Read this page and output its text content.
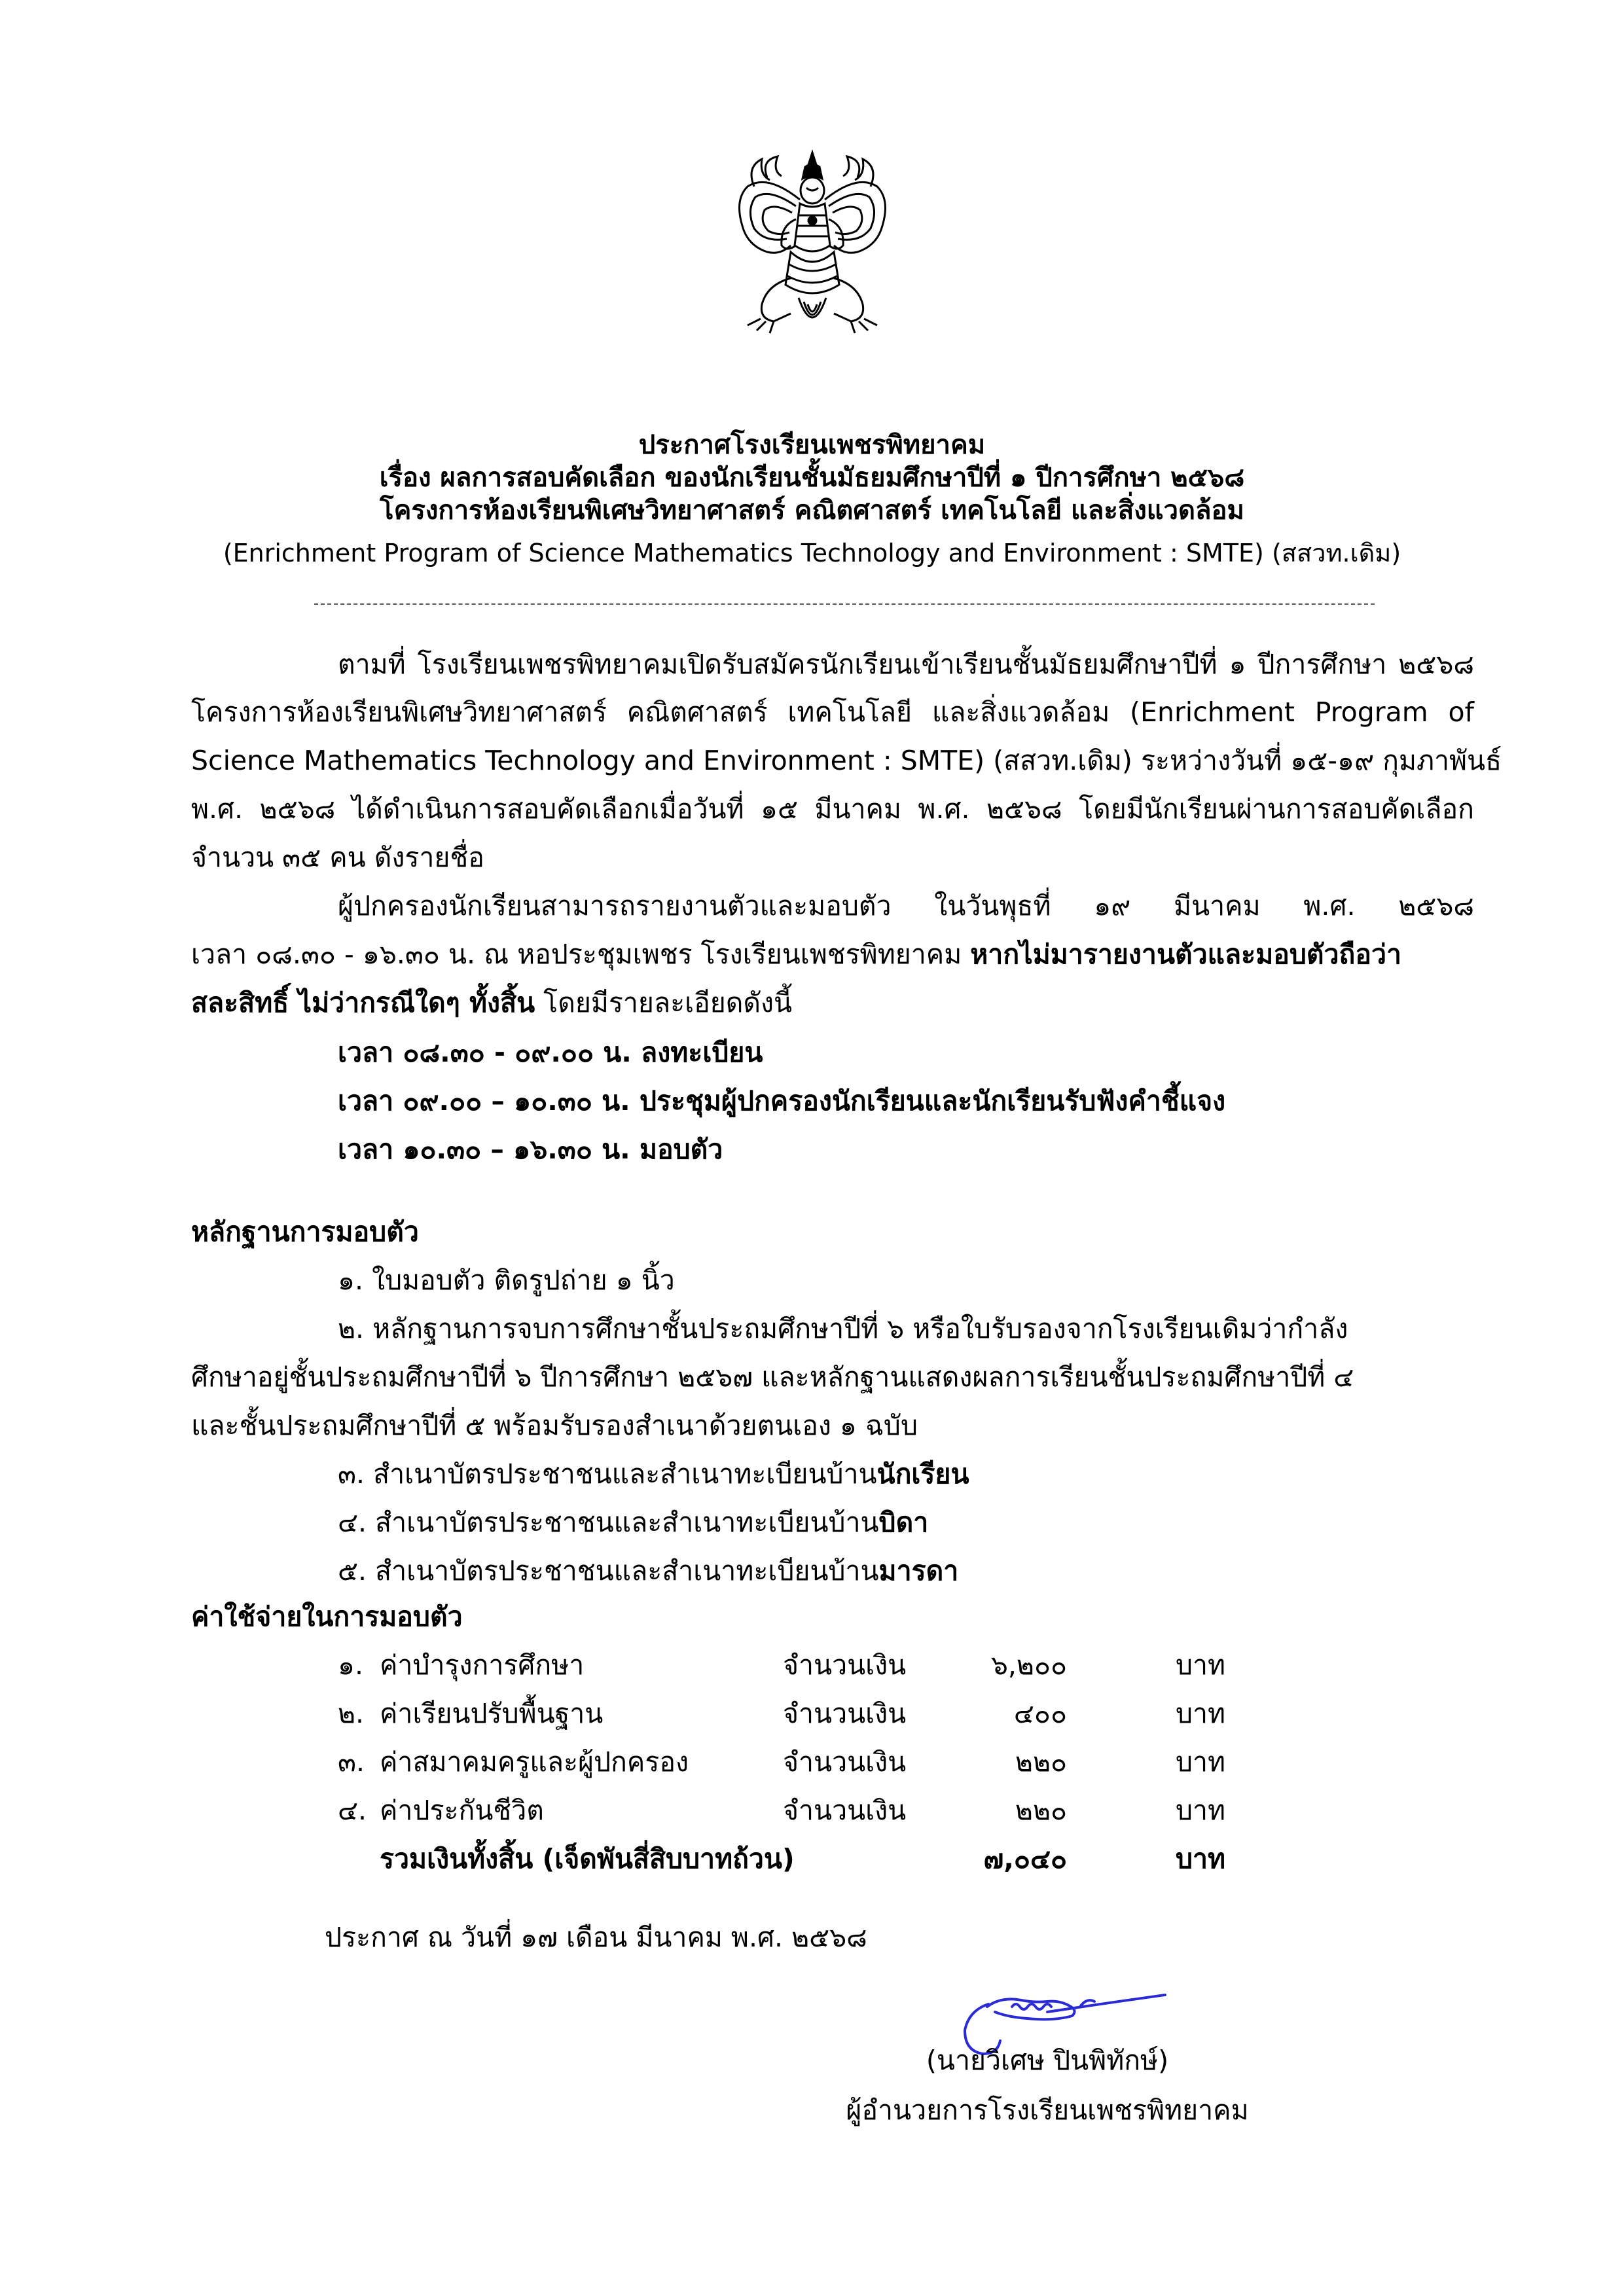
ประกาศโรงเรียนเพชรพิทยาคม
เรื่อง ผลการสอบคัดเลือก ของนักเรียนชั้นมัธยมศึกษาปีที่ ๑ ปีการศึกษา ๒๕๖๘
โครงการห้องเรียนพิเศษวิทยาศาสตร์ คณิตศาสตร์ เทคโนโลยี และสิ่งแวดล้อม
(Enrichment Program of Science Mathematics Technology and Environment : SMTE) (สสวท.เดิม)
ตามที่ โรงเรียนเพชรพิทยาคมเปิดรับสมัครนักเรียนเข้าเรียนชั้นมัธยมศึกษาปีที่ ๑ ปีการศึกษา ๒๕๖๘
โครงการห้องเรียนพิเศษวิทยาศาสตร์ คณิตศาสตร์ เทคโนโลยี และสิ่งแวดล้อม (Enrichment Program of
Science Mathematics Technology and Environment : SMTE) (สสวท.เดิม) ระหว่างวันที่ ๑๕-๑๙ กุมภาพันธ์
พ.ศ. ๒๕๖๘ ได้ดำเนินการสอบคัดเลือกเมื่อวันที่ ๑๕ มีนาคม พ.ศ. ๒๕๖๘ โดยมีนักเรียนผ่านการสอบคัดเลือก
จำนวน ๓๕ คน ดังรายชื่อ
ผู้ปกครองนักเรียนสามารถรายงานตัวและมอบตัว ในวันพุธที่ ๑๙ มีนาคม พ.ศ. ๒๕๖๘
เวลา ๐๘.๓๐ - ๑๖.๓๐ น. ณ หอประชุมเพชร โรงเรียนเพชรพิทยาคม หากไม่มารายงานตัวและมอบตัวถือว่า
สละสิทธิ์ ไม่ว่ากรณีใดๆ ทั้งสิ้น โดยมีรายละเอียดดังนี้
เวลา ๐๘.๓๐ - ๐๙.๐๐ น. ลงทะเบียน
เวลา ๐๙.๐๐ – ๑๐.๓๐ น. ประชุมผู้ปกครองนักเรียนและนักเรียนรับฟังคำชี้แจง
เวลา ๑๐.๓๐ – ๑๖.๓๐ น. มอบตัว
หลักฐานการมอบตัว
๑. ใบมอบตัว ติดรูปถ่าย ๑ นิ้ว
๒. หลักฐานการจบการศึกษาชั้นประถมศึกษาปีที่ ๖ หรือใบรับรองจากโรงเรียนเดิมว่ากำลัง
ศึกษาอยู่ชั้นประถมศึกษาปีที่ ๖ ปีการศึกษา ๒๕๖๗ และหลักฐานแสดงผลการเรียนชั้นประถมศึกษาปีที่ ๔
และชั้นประถมศึกษาปีที่ ๕ พร้อมรับรองสำเนาด้วยตนเอง ๑ ฉบับ
๓. สำเนาบัตรประชาชนและสำเนาทะเบียนบ้านนักเรียน
๔. สำเนาบัตรประชาชนและสำเนาทะเบียนบ้านบิดา
๕. สำเนาบัตรประชาชนและสำเนาทะเบียนบ้านมารดา
ค่าใช้จ่ายในการมอบตัว
๑. ค่าบำรุงการศึกษา	จำนวนเงิน	๖,๒๐๐	บาท
๒. ค่าเรียนปรับพื้นฐาน	จำนวนเงิน	๔๐๐	บาท
๓. ค่าสมาคมครูและผู้ปกครอง	จำนวนเงิน	๒๒๐	บาท
๔. ค่าประกันชีวิต	จำนวนเงิน	๒๒๐	บาท
รวมเงินทั้งสิ้น (เจ็ดพันสี่สิบบาทถ้วน)	๗,๐๔๐	บาท
ประกาศ ณ วันที่ ๑๗ เดือน มีนาคม พ.ศ. ๒๕๖๘
(นายวิเศษ ปินพิทักษ์)
ผู้อำนวยการโรงเรียนเพชรพิทยาคม
